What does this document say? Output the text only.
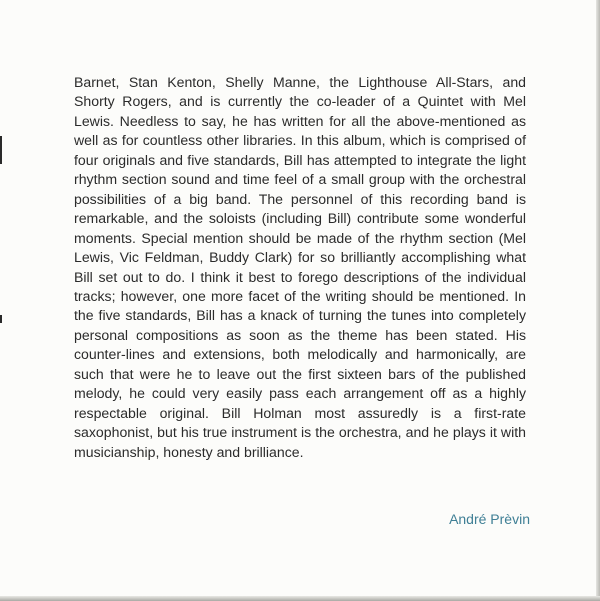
Barnet, Stan Kenton, Shelly Manne, the Lighthouse All-Stars, and Shorty Rogers, and is currently the co-leader of a Quintet with Mel Lewis. Needless to say, he has written for all the above-mentioned as well as for countless other libraries. In this album, which is comprised of four originals and five standards, Bill has attempted to integrate the light rhythm section sound and time feel of a small group with the orchestral possibilities of a big band. The personnel of this recording band is remarkable, and the soloists (including Bill) contribute some wonderful moments. Special mention should be made of the rhythm section (Mel Lewis, Vic Feldman, Buddy Clark) for so brilliantly accomplishing what Bill set out to do. I think it best to forego descriptions of the individual tracks; however, one more facet of the writing should be mentioned. In the five standards, Bill has a knack of turning the tunes into completely personal compositions as soon as the theme has been stated. His counter-lines and extensions, both melodically and harmonically, are such that were he to leave out the first sixteen bars of the published melody, he could very easily pass each arrangement off as a highly respectable original. Bill Holman most assuredly is a first-rate saxophonist, but his true instrument is the orchestra, and he plays it with musicianship, honesty and brilliance.

André Prèvin
